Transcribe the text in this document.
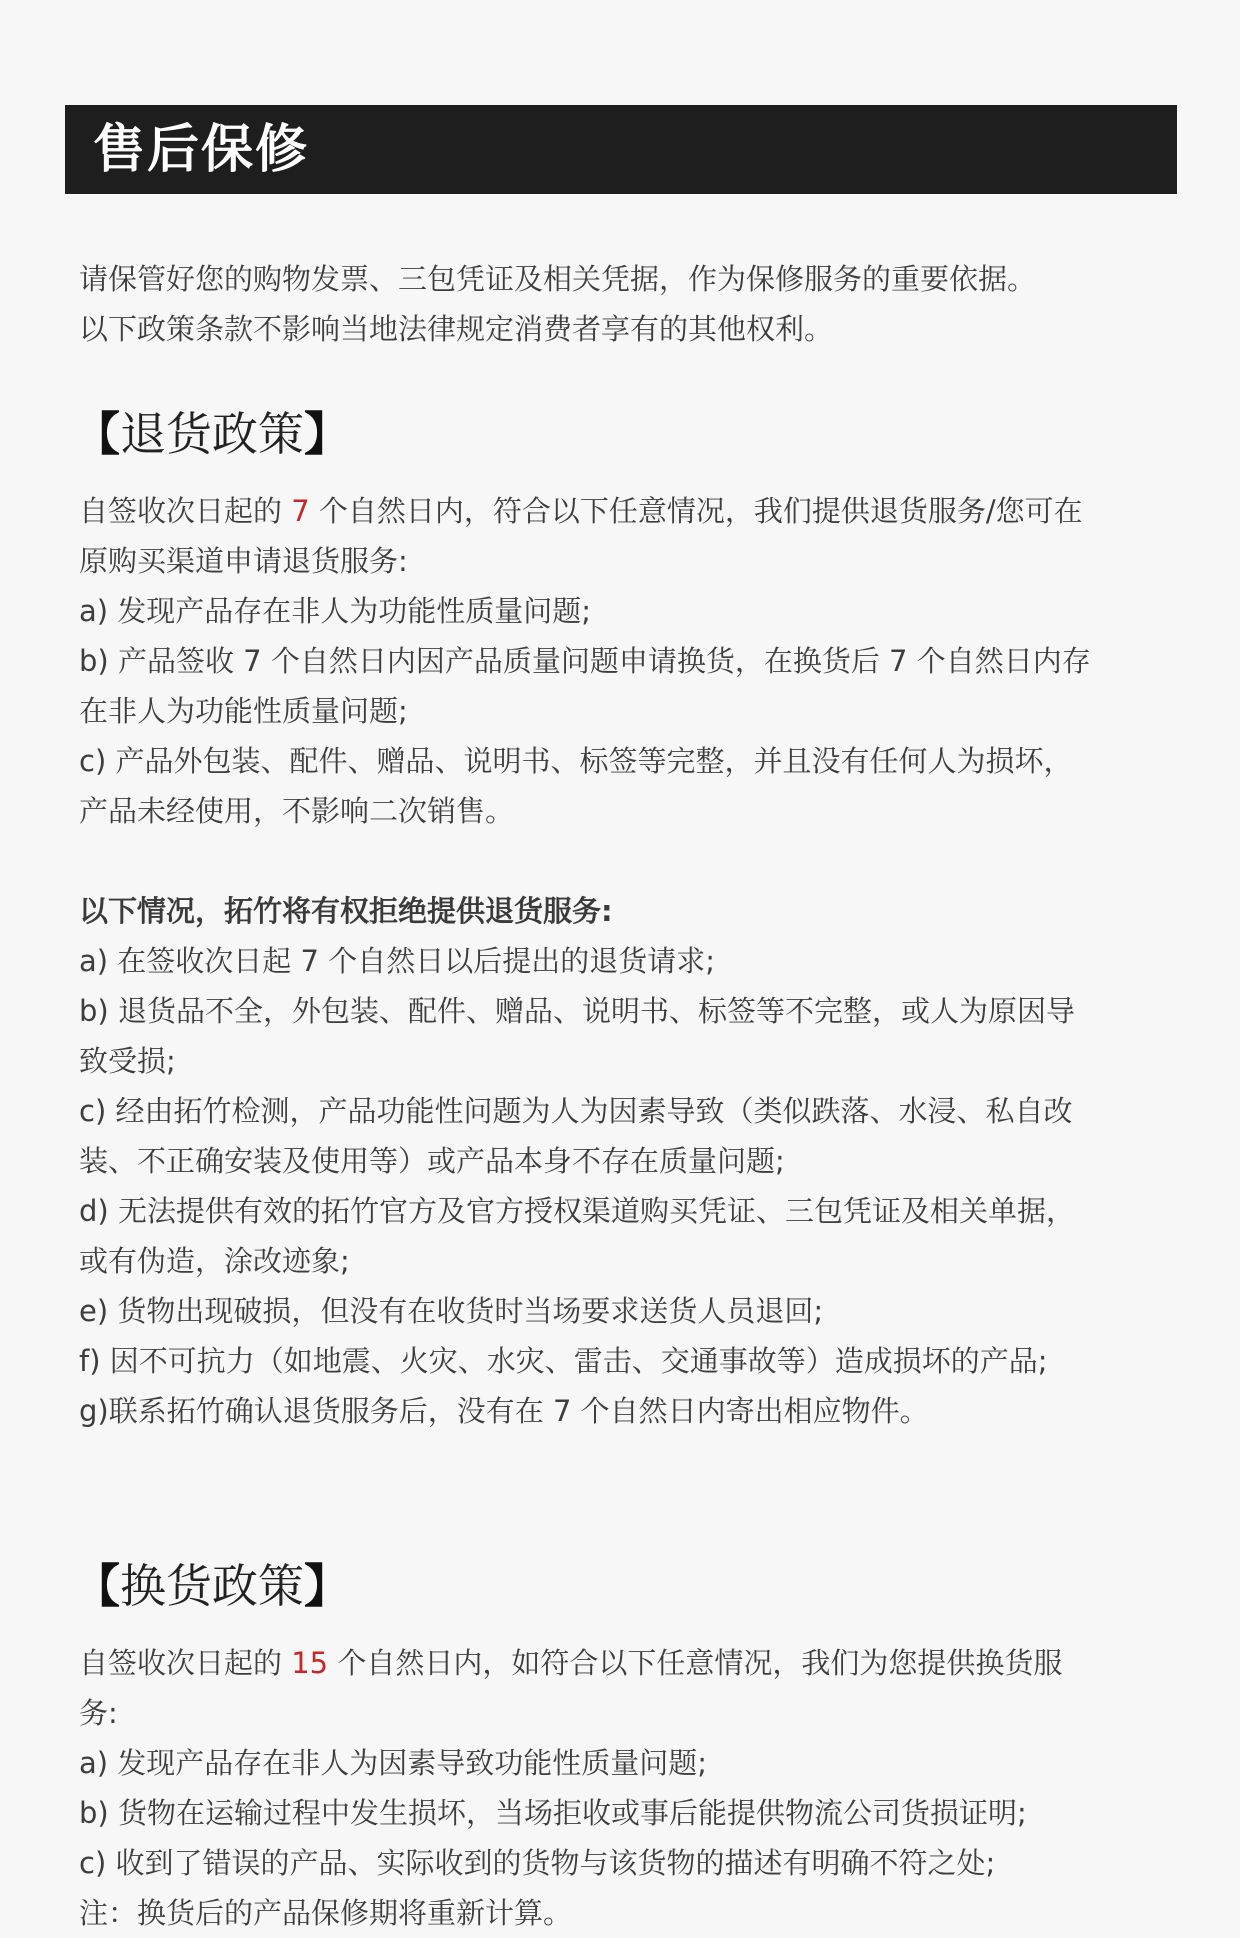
售后保修
请保管好您的购物发票、三包凭证及相关凭据，作为保修服务的重要依据。
以下政策条款不影响当地法律规定消费者享有的其他权利。
【退货政策】
自签收次日起的 7 个自然日内，符合以下任意情况，我们提供退货服务/您可在
原购买渠道申请退货服务:
a) 发现产品存在非人为功能性质量问题;
b) 产品签收 7 个自然日内因产品质量问题申请换货，在换货后 7 个自然日内存
在非人为功能性质量问题;
c) 产品外包装、配件、赠品、说明书、标签等完整，并且没有任何人为损坏，
产品未经使用，不影响二次销售。
以下情况，拓竹将有权拒绝提供退货服务:
a) 在签收次日起 7 个自然日以后提出的退货请求;
b) 退货品不全，外包装、配件、赠品、说明书、标签等不完整，或人为原因导
致受损;
c) 经由拓竹检测，产品功能性问题为人为因素导致（类似跌落、水浸、私自改
装、不正确安装及使用等）或产品本身不存在质量问题;
d) 无法提供有效的拓竹官方及官方授权渠道购买凭证、三包凭证及相关单据，
或有伪造，涂改迹象;
e) 货物出现破损，但没有在收货时当场要求送货人员退回;
f) 因不可抗力（如地震、火灾、水灾、雷击、交通事故等）造成损坏的产品;
g)联系拓竹确认退货服务后，没有在 7 个自然日内寄出相应物件。
【换货政策】
自签收次日起的 15 个自然日内，如符合以下任意情况，我们为您提供换货服
务:
a) 发现产品存在非人为因素导致功能性质量问题;
b) 货物在运输过程中发生损坏，当场拒收或事后能提供物流公司货损证明;
c) 收到了错误的产品、实际收到的货物与该货物的描述有明确不符之处;
注：换货后的产品保修期将重新计算。
